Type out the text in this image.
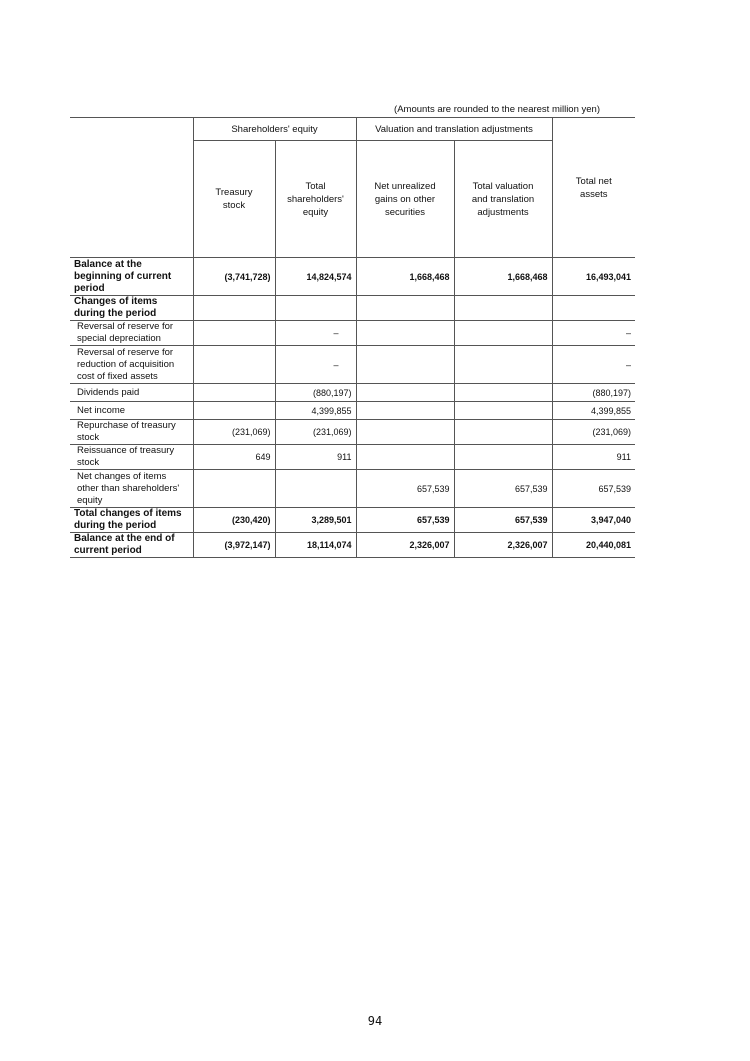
(Amounts are rounded to the nearest million yen)
	Shareholders' equity		Valuation and translation adjustments		Total net assets

	Treasury stock	Total shareholders' equity	Net unrealized gains on other securities	Total valuation and translation adjustments	

Balance at the beginning of current period	(3,741,728)	14,824,574	1,668,468	1,668,468	16,493,041
Changes of items during the period					
Reversal of reserve for special depreciation		–			–
Reversal of reserve for reduction of acquisition cost of fixed assets		–			–
Dividends paid		(880,197)			(880,197)
Net income		4,399,855			4,399,855
Repurchase of treasury stock	(231,069)	(231,069)			(231,069)
Reissuance of treasury stock	649	911			911
Net changes of items other than shareholders' equity			657,539	657,539	657,539
Total changes of items during the period	(230,420)	3,289,501	657,539	657,539	3,947,040
Balance at the end of current period	(3,972,147)	18,114,074	2,326,007	2,326,007	20,440,081
94
